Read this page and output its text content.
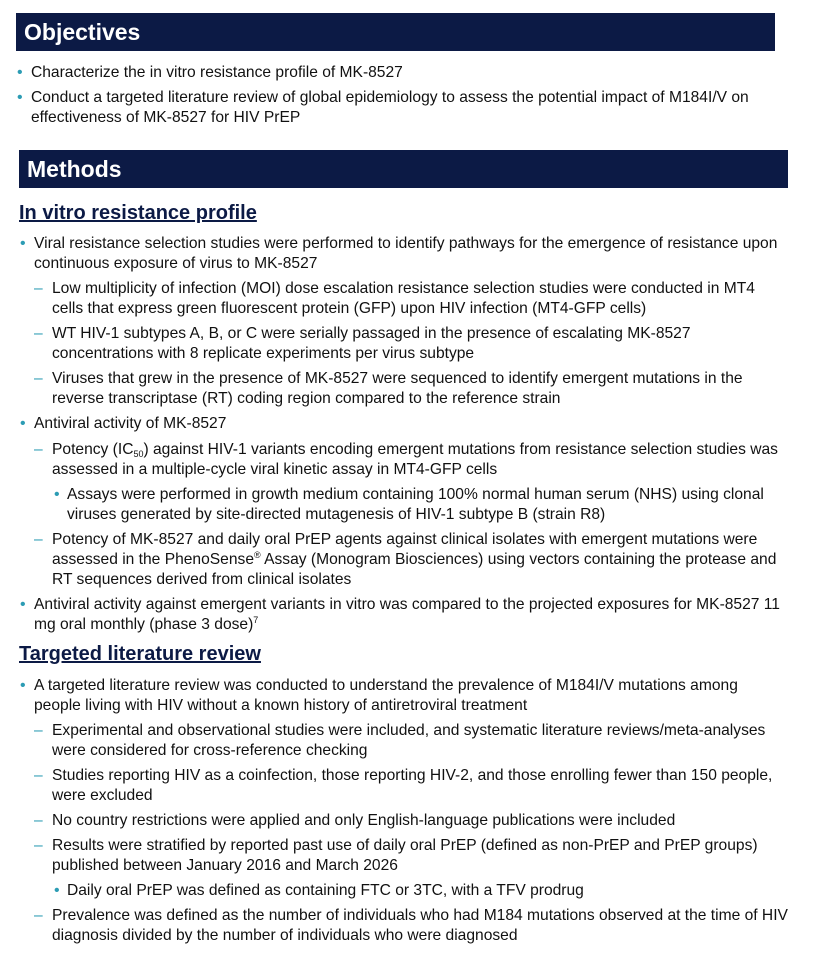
Objectives
• Characterize the in vitro resistance profile of MK-8527
• Conduct a targeted literature review of global epidemiology to assess the potential impact of M184I/V on effectiveness of MK-8527 for HIV PrEP
Methods
In vitro resistance profile
• Viral resistance selection studies were performed to identify pathways for the emergence of resistance upon continuous exposure of virus to MK-8527
– Low multiplicity of infection (MOI) dose escalation resistance selection studies were conducted in MT4 cells that express green fluorescent protein (GFP) upon HIV infection (MT4-GFP cells)
– WT HIV-1 subtypes A, B, or C were serially passaged in the presence of escalating MK-8527 concentrations with 8 replicate experiments per virus subtype
– Viruses that grew in the presence of MK-8527 were sequenced to identify emergent mutations in the reverse transcriptase (RT) coding region compared to the reference strain
• Antiviral activity of MK-8527
– Potency $(IC_{50})$ against HIV-1 variants encoding emergent mutations from resistance selection studies was assessed in a multiple-cycle viral kinetic assay in MT4-GFP cells
• Assays were performed in growth medium containing 100% normal human serum (NHS) using clonal viruses generated by site-directed mutagenesis of HIV-1 subtype B (strain R8)
– Potency of MK-8527 and daily oral PrEP agents against clinical isolates with emergent mutations were assessed in the PhenoSense® Assay (Monogram Biosciences) using vectors containing the protease and RT sequences derived from clinical isolates
• Antiviral activity against emergent variants in vitro was compared to the projected exposures for MK-8527 11 mg oral monthly (phase 3 dose)$^7$
Targeted literature review
• A targeted literature review was conducted to understand the prevalence of M184I/V mutations among people living with HIV without a known history of antiretroviral treatment
– Experimental and observational studies were included, and systematic literature reviews/meta-analyses were considered for cross-reference checking
– Studies reporting HIV as a coinfection, those reporting HIV-2, and those enrolling fewer than 150 people, were excluded
– No country restrictions were applied and only English-language publications were included
– Results were stratified by reported past use of daily oral PrEP (defined as non-PrEP and PrEP groups) published between January 2016 and March 2026
• Daily oral PrEP was defined as containing FTC or 3TC, with a TFV prodrug
– Prevalence was defined as the number of individuals who had M184 mutations observed at the time of HIV diagnosis divided by the number of individuals who were diagnosed
